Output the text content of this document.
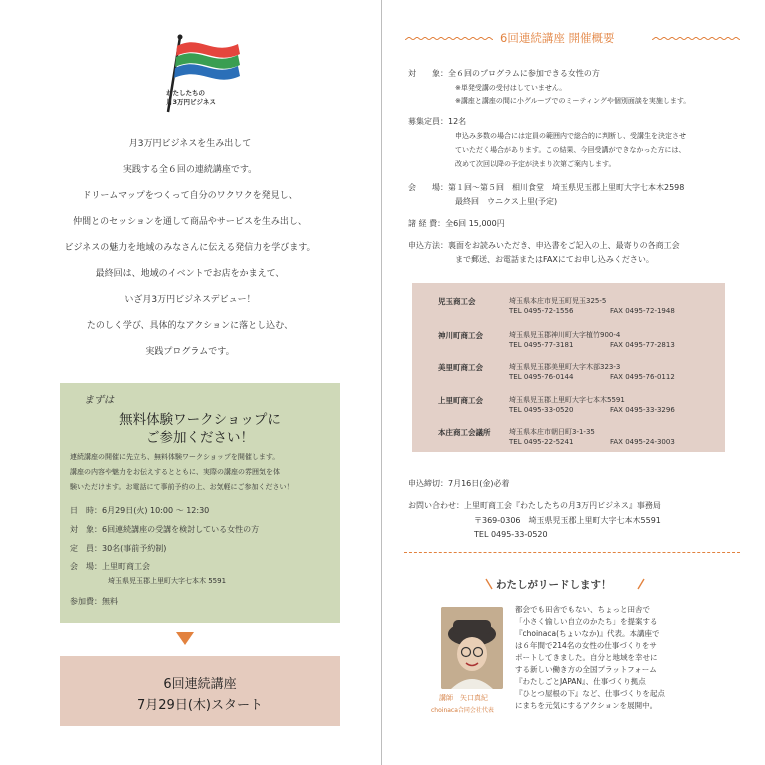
わたしたちの
月3万円ビジネス
月3万円ビジネスを生み出して
実践する全６回の連続講座です。
ドリームマップをつくって自分のワクワクを発見し、
仲間とのセッションを通して商品やサービスを生み出し、
ビジネスの魅力を地域のみなさんに伝える発信力を学びます。
最終回は、地域のイベントでお店をかまえて、
いざ月3万円ビジネスデビュー！
たのしく学び、具体的なアクションに落とし込む、
実践プログラムです。
まずは
無料体験ワークショップに
ご参加ください！
連続講座の開催に先立ち、無料体験ワークショップを開催します。
講座の内容や魅力をお伝えするとともに、実際の講座の雰囲気を体
験いただけます。お電話にて事前予約の上、お気軽にご参加ください！
日　時：6月29日(火) 10:00 〜 12:30
対　象：6回連続講座の受講を検討している女性の方
定　員：30名(事前予約制)
会　場：上里町商工会
埼玉県児玉郡上里町大字七本木 5591
参加費：無料
6回連続講座
7月29日(木)スタート
6回連続講座 開催概要
対　　象：全６回のプログラムに参加できる女性の方
※単発受講の受付はしていません。
※講座と講座の間に小グループでのミーティングや個別面談を実施します。
募集定員：12名
申込み多数の場合には定員の範囲内で総合的に判断し、受講生を決定させ
ていただく場合があります。この結果、今回受講ができなかった方には、
改めて次回以降の予定が決まり次第ご案内します。
会　　場：第１回〜第５回　相川食堂　埼玉県児玉郡上里町大字七本木2598
最終回　ウニクス上里(予定)
諸 経 費：全6回 15,000円
申込方法：裏面をお読みいただき、申込書をご記入の上、最寄りの各商工会
まで郵送、お電話またはFAXにてお申し込みください。
児玉商工会	埼玉県本庄市児玉町児玉325-5
TEL 0495-72-1556	FAX 0495-72-1948
神川町商工会	埼玉県児玉郡神川町大字植竹900-4
TEL 0495-77-3181	FAX 0495-77-2813
美里町商工会	埼玉県児玉郡美里町大字木部323-3
TEL 0495-76-0144	FAX 0495-76-0112
上里町商工会	埼玉県児玉郡上里町大字七本木5591
TEL 0495-33-0520	FAX 0495-33-3296
本庄商工会議所	埼玉県本庄市朝日町3-1-35
TEL 0495-22-5241	FAX 0495-24-3003
申込締切：7月16日(金)必着
お問い合わせ：上里町商工会『わたしたちの月3万円ビジネス』事務局
〒369-0306　埼玉県児玉郡上里町大字七本木5591
TEL 0495-33-0520
わたしがリードします！
講師　矢口真紀
choinaca合同会社代表
都会でも田舎でもない、ちょっと田舎で
「小さく愉しい自立のかたち」を提案する
『choinaca(ちょいなか)』代表。本講座で
は６年間で214名の女性の仕事づくりをサ
ポートしてきました。自分と地域を幸せに
する新しい働き方の全国プラットフォーム
『わたしごとJAPAN』、仕事づくり拠点
『ひとつ屋根の下』など、仕事づくりを起点
にまちを元気にするアクションを展開中。
